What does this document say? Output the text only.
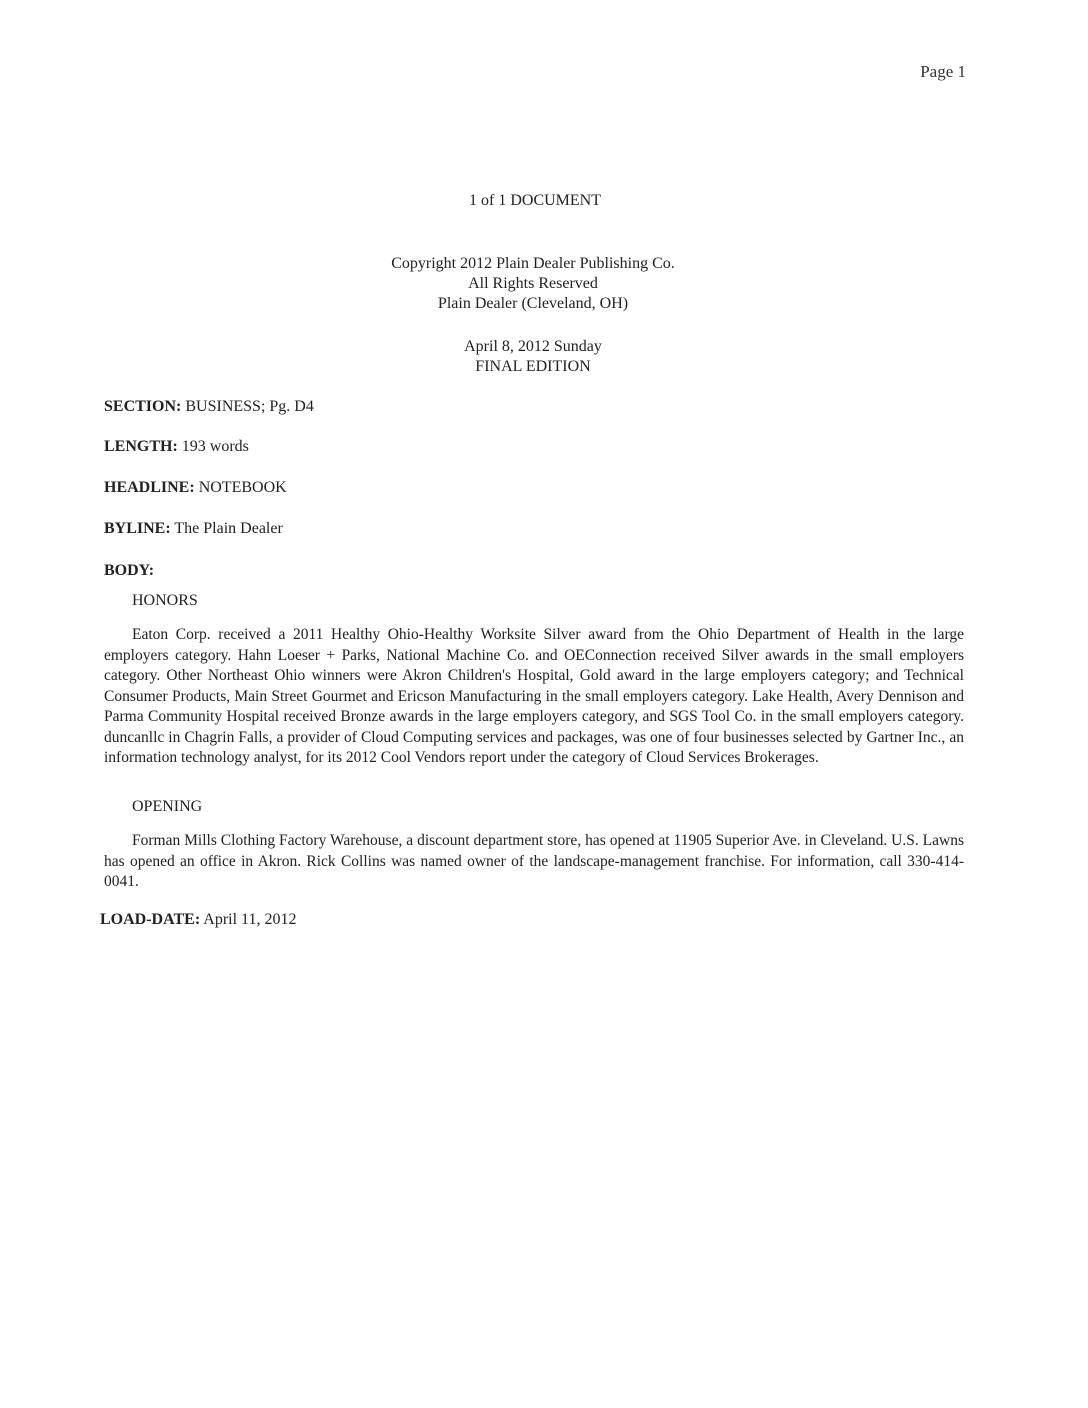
Page 1
1 of 1 DOCUMENT
Copyright 2012 Plain Dealer Publishing Co.
All Rights Reserved
Plain Dealer (Cleveland, OH)
April 8, 2012 Sunday
FINAL EDITION
SECTION: BUSINESS; Pg. D4
LENGTH: 193 words
HEADLINE: NOTEBOOK
BYLINE: The Plain Dealer
BODY:
HONORS
Eaton Corp. received a 2011 Healthy Ohio-Healthy Worksite Silver award from the Ohio Department of Health in the large employers category. Hahn Loeser + Parks, National Machine Co. and OEConnection received Silver awards in the small employers category. Other Northeast Ohio winners were Akron Children's Hospital, Gold award in the large employers category; and Technical Consumer Products, Main Street Gourmet and Ericson Manufacturing in the small employers category. Lake Health, Avery Dennison and Parma Community Hospital received Bronze awards in the large employers category, and SGS Tool Co. in the small employers category. duncanllc in Chagrin Falls, a provider of Cloud Computing services and packages, was one of four businesses selected by Gartner Inc., an information technology analyst, for its 2012 Cool Vendors report under the category of Cloud Services Brokerages.
OPENING
Forman Mills Clothing Factory Warehouse, a discount department store, has opened at 11905 Superior Ave. in Cleveland. U.S. Lawns has opened an office in Akron. Rick Collins was named owner of the landscape-management franchise. For information, call 330-414-0041.
LOAD-DATE: April 11, 2012
